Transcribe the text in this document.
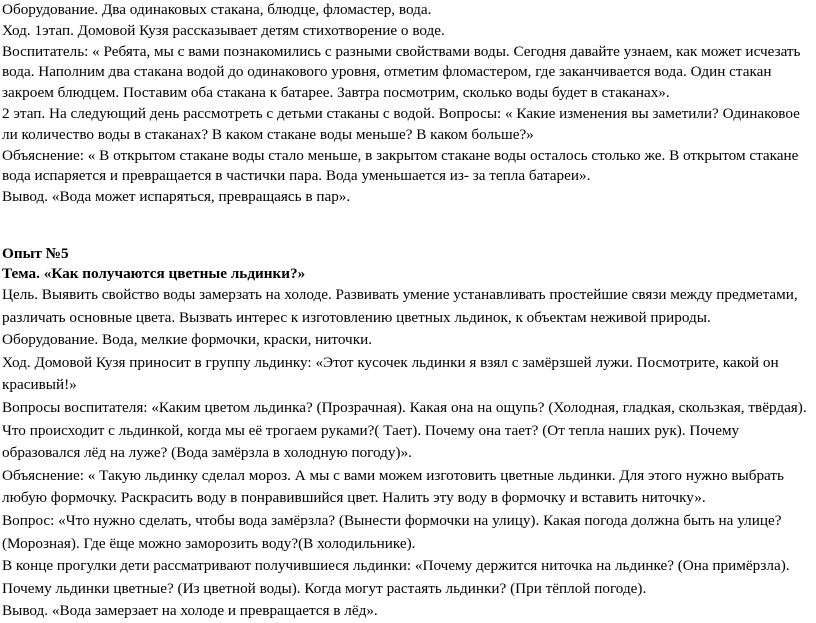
Оборудование. Два одинаковых стакана, блюдце, фломастер, вода.

Ход. 1этап. Домовой Кузя рассказывает детям стихотворение о воде.

Воспитатель: « Ребята, мы с вами познакомились с разными свойствами воды. Сегодня давайте узнаем, как может исчезать вода. Наполним два стакана водой до одинакового уровня, отметим фломастером, где заканчивается вода. Один стакан закроем блюдцем. Поставим оба стакана к батарее. Завтра посмотрим, сколько воды будет в стаканах».

2 этап. На следующий день рассмотреть с детьми стаканы с водой. Вопросы: « Какие изменения вы заметили? Одинаковое ли количество воды в стаканах? В каком стакане воды меньше? В каком больше?»

Объяснение: « В открытом стакане воды стало меньше, в закрытом стакане воды осталось столько же. В открытом стакане вода испаряется и превращается в частички пара. Вода уменьшается из- за тепла батареи».

Вывод. «Вода может испаряться, превращаясь в пар».

Опыт №5

Тема. «Как получаются цветные льдинки?»

Цель. Выявить свойство воды замерзать на холоде. Развивать умение устанавливать простейшие связи между предметами, различать основные цвета. Вызвать интерес к изготовлению цветных льдинок, к объектам неживой природы.

Оборудование. Вода, мелкие формочки, краски, ниточки.

Ход. Домовой Кузя приносит в группу льдинку: «Этот кусочек льдинки я взял с замёрзшей лужи. Посмотрите, какой он красивый!»

Вопросы воспитателя: «Каким цветом льдинка? (Прозрачная). Какая она на ощупь? (Холодная, гладкая, скользкая, твёрдая). Что происходит с льдинкой, когда мы её трогаем руками?( Тает). Почему она тает? (От тепла наших рук). Почему образовался лёд на луже? (Вода замёрзла в холодную погоду)».

Объяснение: « Такую льдинку сделал мороз. А мы с вами можем изготовить цветные льдинки. Для этого нужно выбрать любую формочку. Раскрасить воду в понравившийся цвет. Налить эту воду в формочку и вставить ниточку».

Вопрос: «Что нужно сделать, чтобы вода замёрзла? (Вынести формочки на улицу). Какая погода должна быть на улице? (Морозная). Где ёще можно заморозить воду?(В холодильнике).

В конце прогулки дети рассматривают получившиеся льдинки: «Почему держится ниточка на льдинке? (Она примёрзла). Почему льдинки цветные? (Из цветной воды). Когда могут растаять льдинки? (При тёплой погоде).

Вывод. «Вода замерзает на холоде и превращается в лёд».
